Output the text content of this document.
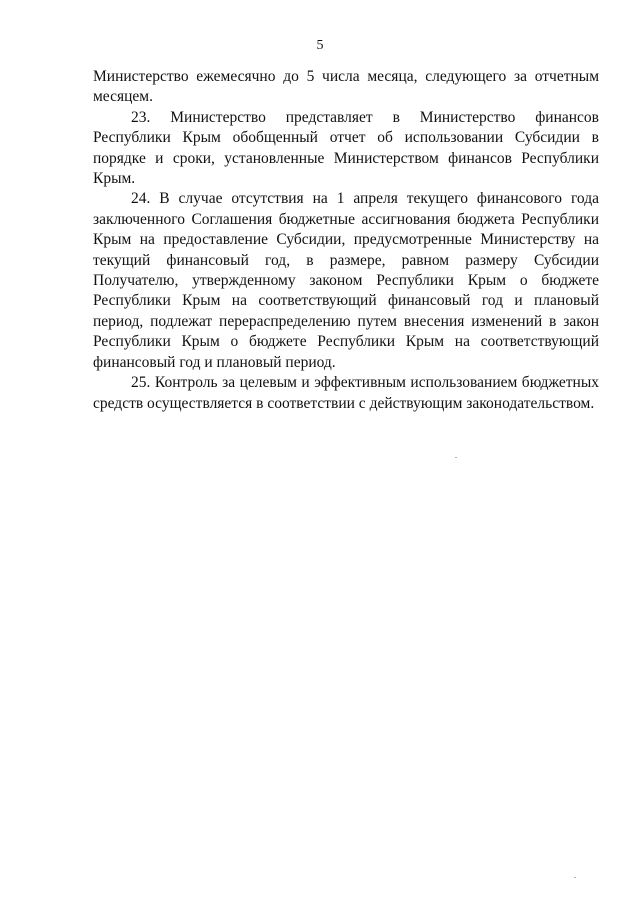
5

Министерство ежемесячно до 5 числа месяца, следующего за отчетным месяцем.

23. Министерство представляет в Министерство финансов Республики Крым обобщенный отчет об использовании Субсидии в порядке и сроки, установленные Министерством финансов Республики Крым.

24. В случае отсутствия на 1 апреля текущего финансового года заключенного Соглашения бюджетные ассигнования бюджета Республики Крым на предоставление Субсидии, предусмотренные Министерству на текущий финансовый год, в размере, равном размеру Субсидии Получателю, утвержденному законом Республики Крым о бюджете Республики Крым на соответствующий финансовый год и плановый период, подлежат перераспределению путем внесения изменений в закон Республики Крым о бюджете Республики Крым на соответствующий финансовый год и плановый период.

25. Контроль за целевым и эффективным использованием бюджетных средств осуществляется в соответствии с действующим законодательством.
